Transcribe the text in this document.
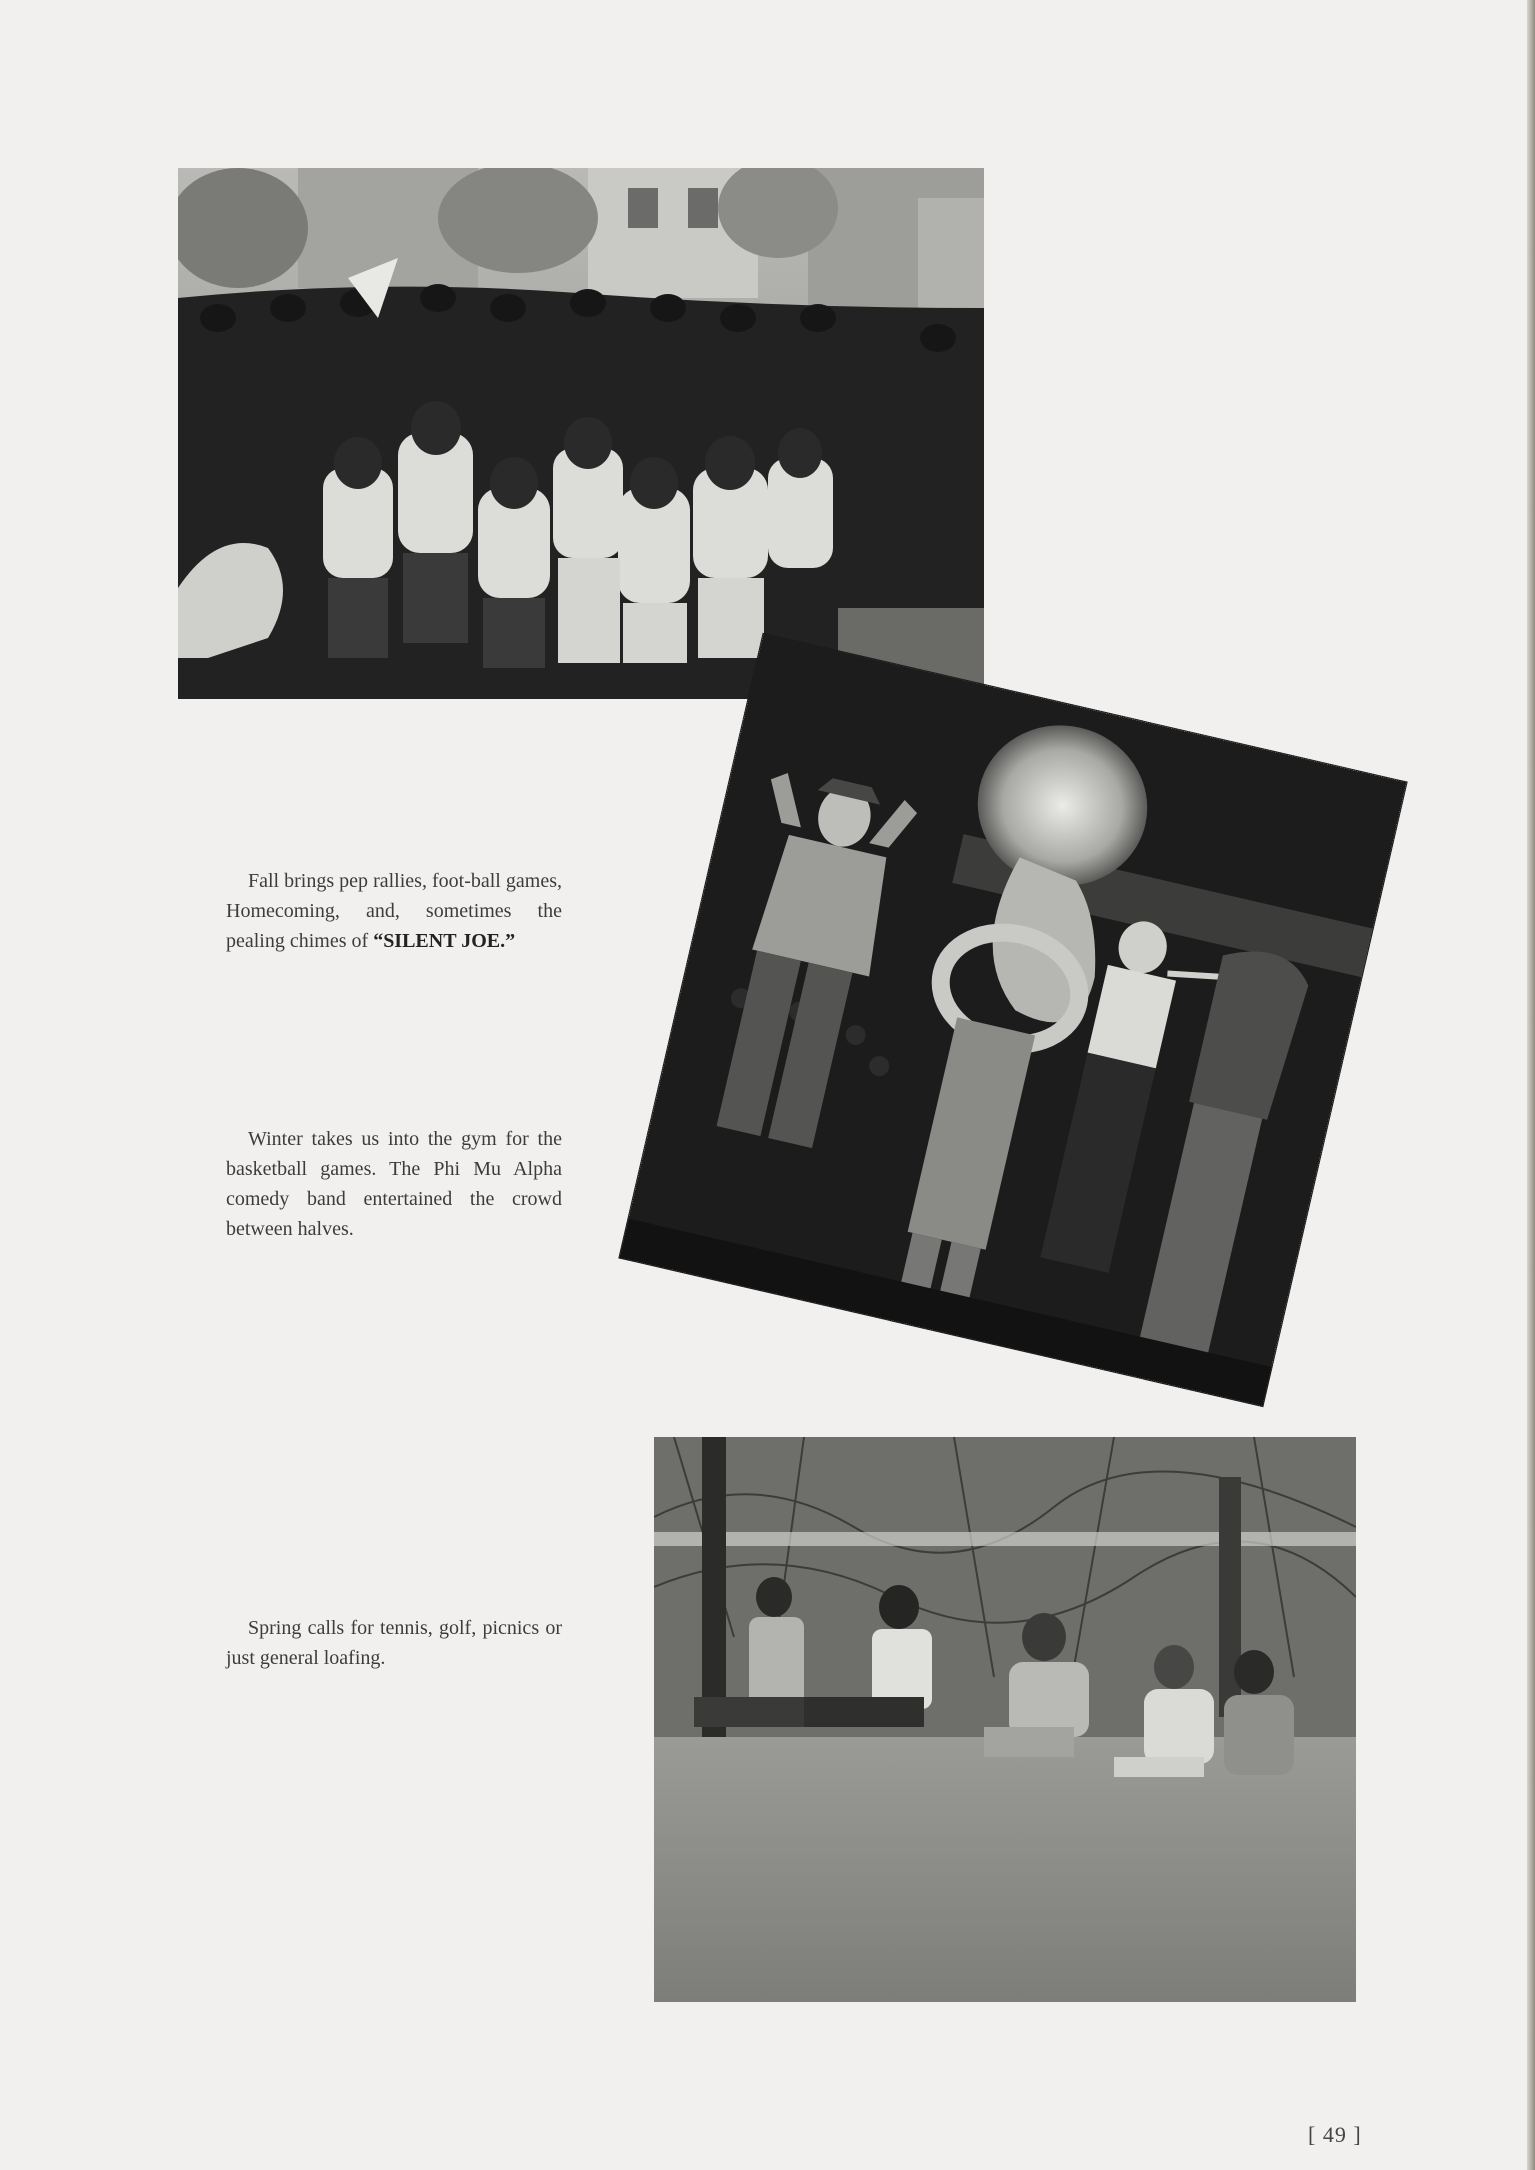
Fall brings pep rallies, foot-ball games, Homecoming, and, sometimes the pealing chimes of “SILENT JOE.”

Winter takes us into the gym for the basketball games. The Phi Mu Alpha comedy band entertained the crowd between halves.

Spring calls for tennis, golf, picnics or just general loafing.

[ 49 ]
